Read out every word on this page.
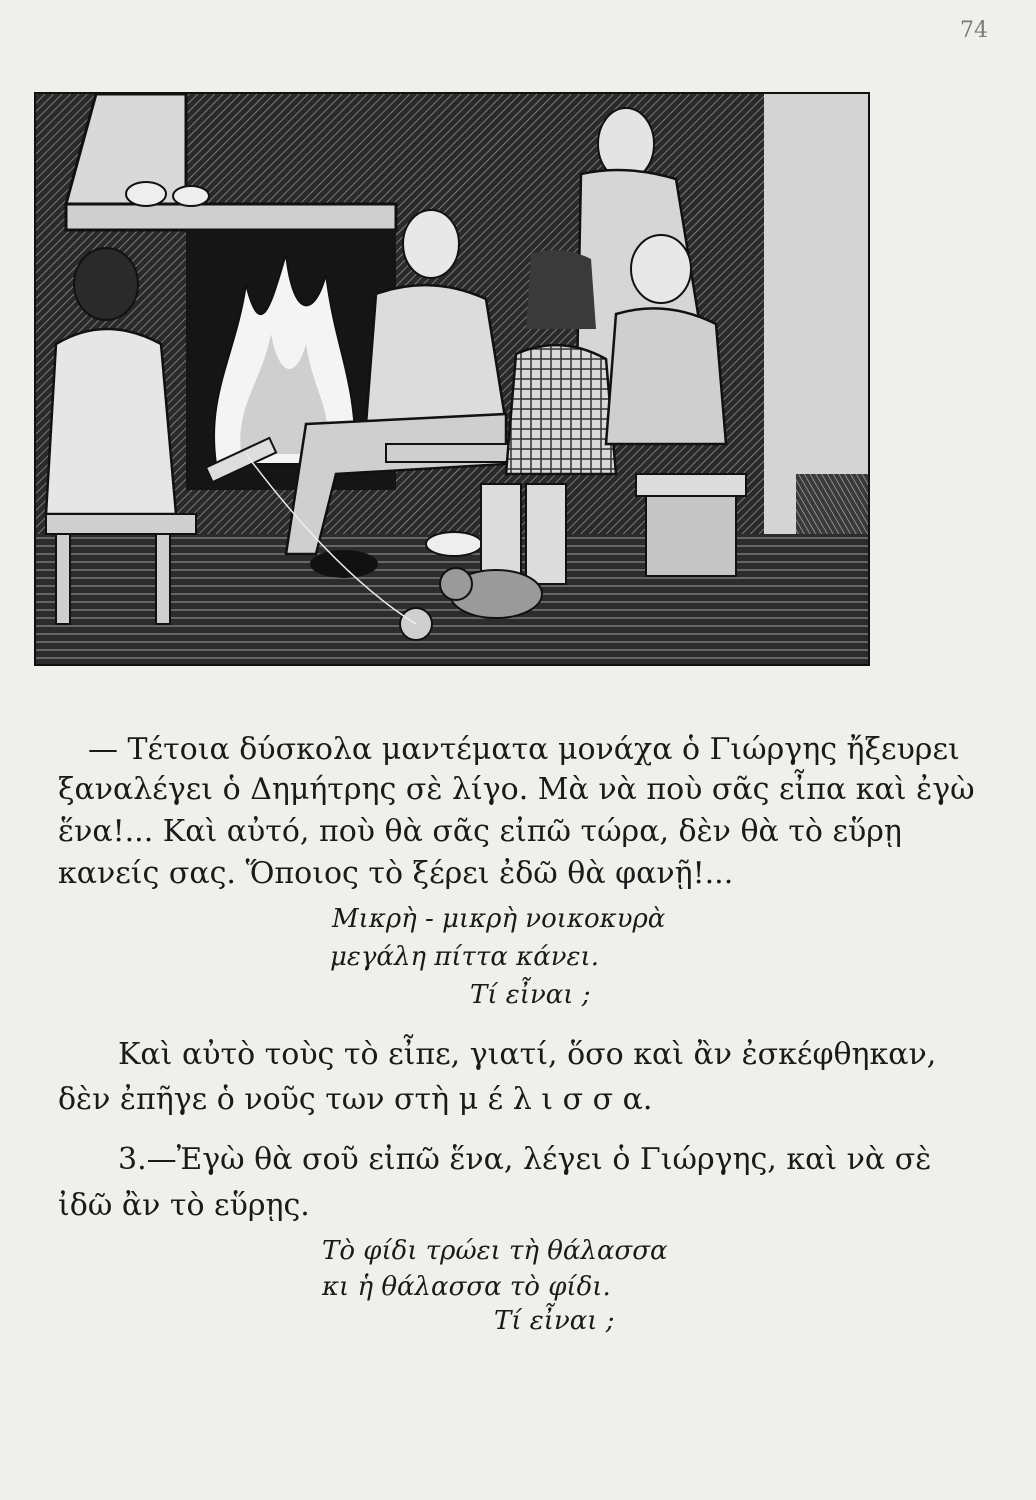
74
— Τέτοια δύσκολα μαντέματα μονάχα ὁ Γιώργης ἤξευρει
ξαναλέγει ὁ Δημήτρης σὲ λίγο. Μὰ νὰ ποὺ σᾶς εἶπα καὶ ἐγὼ
ἕνα!... Καὶ αὐτό, ποὺ θὰ σᾶς εἰπῶ τώρα, δὲν θὰ τὸ εὕρῃ
κανείς σας. Ὅποιος τὸ ξέρει ἐδῶ θὰ φανῇ!...
Μικρὴ - μικρὴ νοικοκυρὰ
μεγάλη πίττα κάνει.
Τί εἶναι ;
Καὶ αὐτὸ τοὺς τὸ εἶπε, γιατί, ὅσο καὶ ἂν ἐσκέφθηκαν,
δὲν ἐπῆγε ὁ νοῦς των στὴ μ έ λ ι σ σ α.
3.—Ἐγὼ θὰ σοῦ εἰπῶ ἕνα, λέγει ὁ Γιώργης, καὶ νὰ σὲ
ἰδῶ ἂν τὸ εὕρῃς.
Τὸ φίδι τρώει τὴ θάλασσα
κι ἡ θάλασσα τὸ φίδι.
Τί εἶναι ;
